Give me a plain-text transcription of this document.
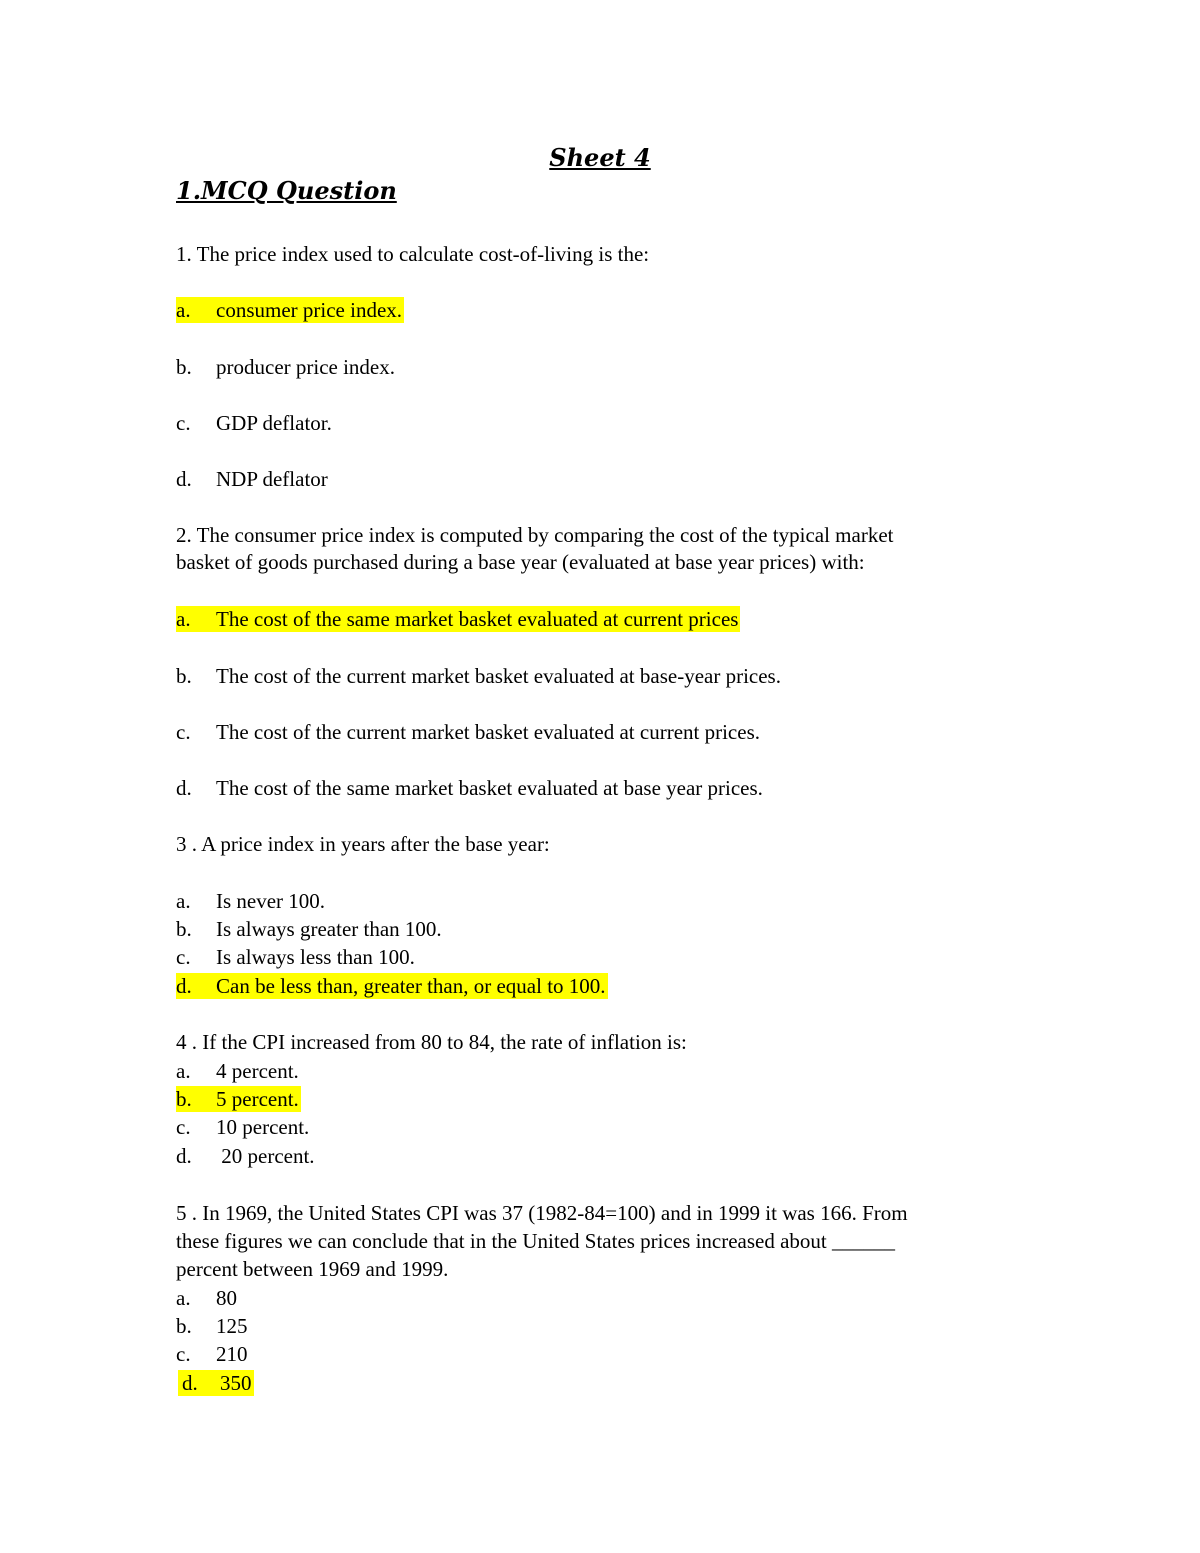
Sheet 4
1.MCQ Question
1. The price index used to calculate cost-of-living is the:
a. consumer price index.
b. producer price index.
c. GDP deflator.
d. NDP deflator
2. The consumer price index is computed by comparing the cost of the typical market
basket of goods purchased during a base year (evaluated at base year prices) with:
a. The cost of the same market basket evaluated at current prices
b. The cost of the current market basket evaluated at base-year prices.
c. The cost of the current market basket evaluated at current prices.
d. The cost of the same market basket evaluated at base year prices.
3 . A price index in years after the base year:
a. Is never 100.
b. Is always greater than 100.
c. Is always less than 100.
d. Can be less than, greater than, or equal to 100.
4 . If the CPI increased from 80 to 84, the rate of inflation is:
a. 4 percent.
b. 5 percent.
c. 10 percent.
d. 20 percent.
5 . In 1969, the United States CPI was 37 (1982-84=100) and in 1999 it was 166. From
these figures we can conclude that in the United States prices increased about ______
percent between 1969 and 1999.
a. 80
b. 125
c. 210
d. 350
